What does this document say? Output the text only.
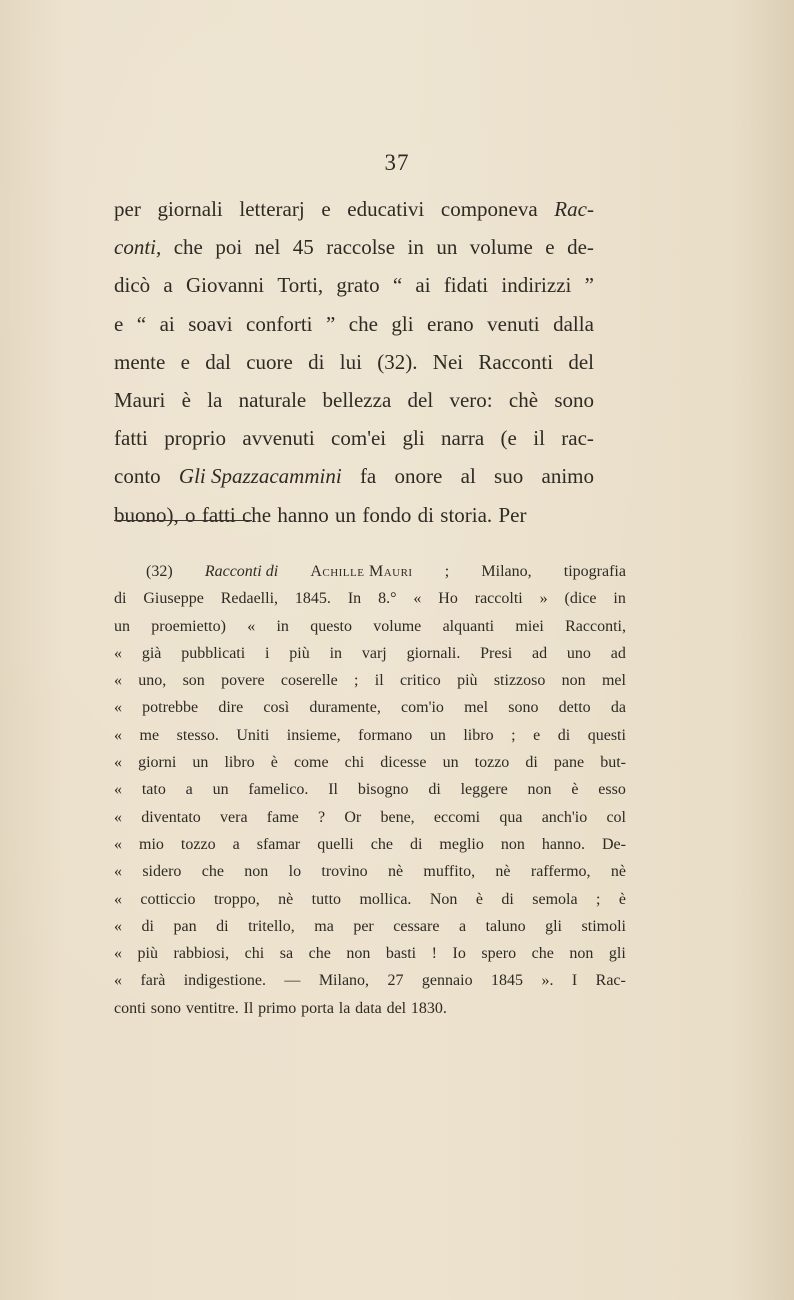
37
per giornali letterarj e educativi componeva Rac-
conti, che poi nel 45 raccolse in un volume e de-
dicò a Giovanni Torti, grato “ ai fidati indirizzi ”
e “ ai soavi conforti ” che gli erano venuti dalla
mente e dal cuore di lui (32). Nei Racconti del
Mauri è la naturale bellezza del vero: chè sono
fatti proprio avvenuti com'ei gli narra (e il rac-
conto Gli Spazzacammini fa onore al suo animo
buono), o fatti che hanno un fondo di storia. Per
(32) Racconti di Achille Mauri ; Milano, tipografia
di Giuseppe Redaelli, 1845. In 8.° « Ho raccolti » (dice in
un proemietto) « in questo volume alquanti miei Racconti,
« già pubblicati i più in varj giornali. Presi ad uno ad
« uno, son povere coserelle ; il critico più stizzoso non mel
« potrebbe dire così duramente, com'io mel sono detto da
« me stesso. Uniti insieme, formano un libro ; e di questi
« giorni un libro è come chi dicesse un tozzo di pane but-
« tato a un famelico. Il bisogno di leggere non è esso
« diventato vera fame ? Or bene, eccomi qua anch'io col
« mio tozzo a sfamar quelli che di meglio non hanno. De-
« sidero che non lo trovino nè muffito, nè raffermo, nè
« cotticcio troppo, nè tutto mollica. Non è di semola ; è
« di pan di tritello, ma per cessare a taluno gli stimoli
« più rabbiosi, chi sa che non basti ! Io spero che non gli
« farà indigestione. — Milano, 27 gennaio 1845 ». I Rac-
conti sono ventitre. Il primo porta la data del 1830.
